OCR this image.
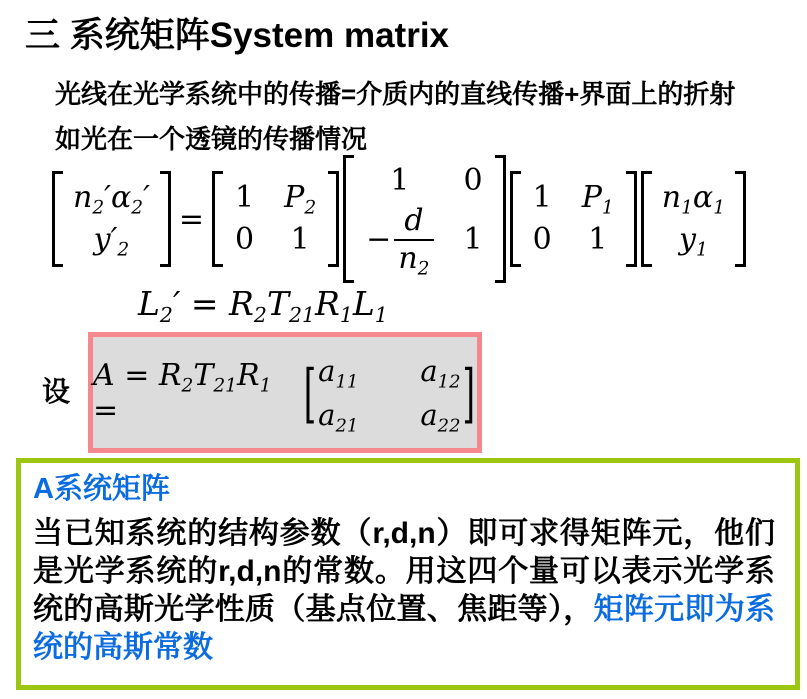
三 系统矩阵System matrix
光线在光学系统中的传播=介质内的直线传播+界面上的折射
如光在一个透镜的传播情况
$n_2'\alpha_2'$
$y'_2$
=
1 $P_2$
0 1
1 0
− $\frac{d}{n_2} 1$
1 $P_1$
0 1
$n_1\alpha_1$
$y_1$
$L_2' = R_2T_{21}R_1L_1$
设 $A = R_2T_{21}R_1$ =	[ $a_{11}$ $a_{12}$
$a_{21}$ $a_{22}$ ]
A系统矩阵
当已知系统的结构参数（r,d,n）即可求得矩阵元，他们是光学系统的r,d,n的常数。用这四个量可以表示光学系统的高斯光学性质（基点位置、焦距等），矩阵元即为系统的高斯常数
